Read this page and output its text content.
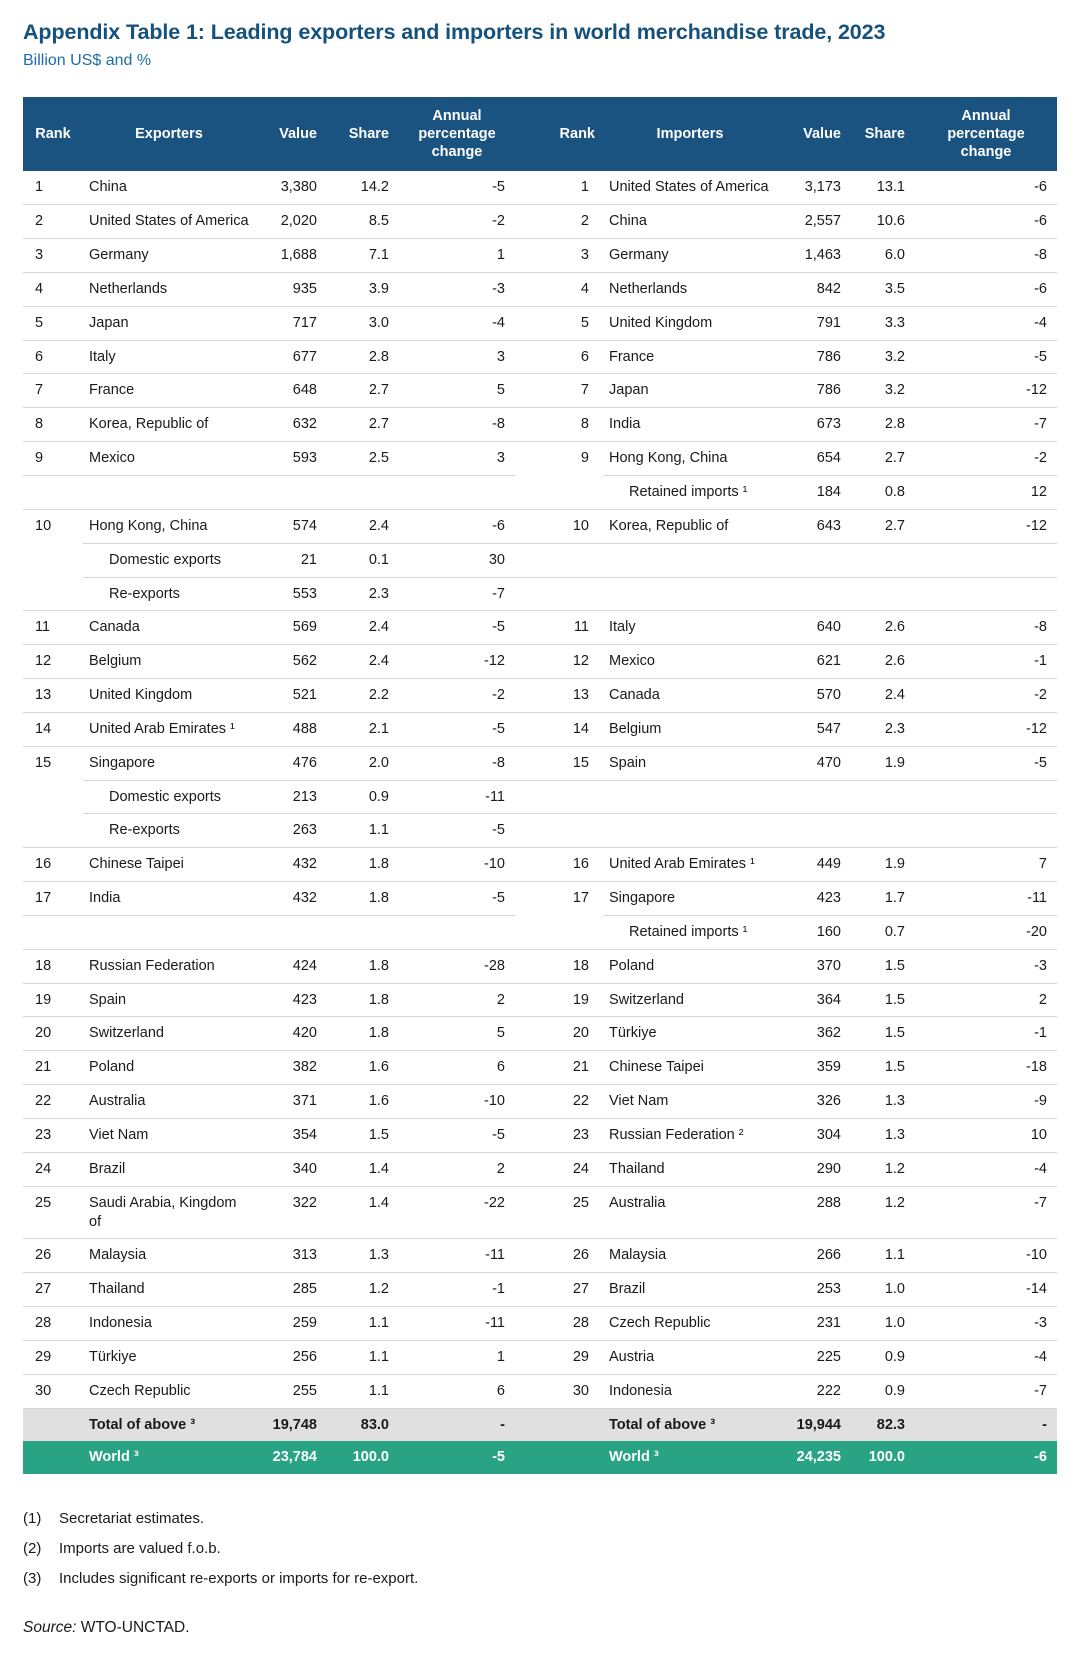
Appendix Table 1: Leading exporters and importers in world merchandise trade, 2023
Billion US$ and %
Rank	Exporters	Value	Share	Annual percentage change	Rank	Importers	Value	Share	Annual percentage change
1	China	3,380	14.2	-5	1	United States of America	3,173	13.1	-6
2	United States of America	2,020	8.5	-2	2	China	2,557	10.6	-6
3	Germany	1,688	7.1	1	3	Germany	1,463	6.0	-8
4	Netherlands	935	3.9	-3	4	Netherlands	842	3.5	-6
5	Japan	717	3.0	-4	5	United Kingdom	791	3.3	-4
6	Italy	677	2.8	3	6	France	786	3.2	-5
7	France	648	2.7	5	7	Japan	786	3.2	-12
8	Korea, Republic of	632	2.7	-8	8	India	673	2.8	-7
9	Mexico	593	2.5	3	9	Hong Kong, China	654	2.7	-2
						Retained imports ¹	184	0.8	12
10	Hong Kong, China	574	2.4	-6	10	Korea, Republic of	643	2.7	-12
	Domestic exports	21	0.1	30					
	Re-exports	553	2.3	-7					
11	Canada	569	2.4	-5	11	Italy	640	2.6	-8
12	Belgium	562	2.4	-12	12	Mexico	621	2.6	-1
13	United Kingdom	521	2.2	-2	13	Canada	570	2.4	-2
14	United Arab Emirates ¹	488	2.1	-5	14	Belgium	547	2.3	-12
15	Singapore	476	2.0	-8	15	Spain	470	1.9	-5
	Domestic exports	213	0.9	-11					
	Re-exports	263	1.1	-5					
16	Chinese Taipei	432	1.8	-10	16	United Arab Emirates ¹	449	1.9	7
17	India	432	1.8	-5	17	Singapore	423	1.7	-11
						Retained imports ¹	160	0.7	-20
18	Russian Federation	424	1.8	-28	18	Poland	370	1.5	-3
19	Spain	423	1.8	2	19	Switzerland	364	1.5	2
20	Switzerland	420	1.8	5	20	Türkiye	362	1.5	-1
21	Poland	382	1.6	6	21	Chinese Taipei	359	1.5	-18
22	Australia	371	1.6	-10	22	Viet Nam	326	1.3	-9
23	Viet Nam	354	1.5	-5	23	Russian Federation ²	304	1.3	10
24	Brazil	340	1.4	2	24	Thailand	290	1.2	-4
25	Saudi Arabia, Kingdom of	322	1.4	-22	25	Australia	288	1.2	-7
26	Malaysia	313	1.3	-11	26	Malaysia	266	1.1	-10
27	Thailand	285	1.2	-1	27	Brazil	253	1.0	-14
28	Indonesia	259	1.1	-11	28	Czech Republic	231	1.0	-3
29	Türkiye	256	1.1	1	29	Austria	225	0.9	-4
30	Czech Republic	255	1.1	6	30	Indonesia	222	0.9	-7
	Total of above ³	19,748	83.0	-		Total of above ³	19,944	82.3	-
	World ³	23,784	100.0	-5		World ³	24,235	100.0	-6
(1)	Secretariat estimates.
(2)	Imports are valued f.o.b.
(3)	Includes significant re-exports or imports for re-export.
Source: WTO-UNCTAD.
